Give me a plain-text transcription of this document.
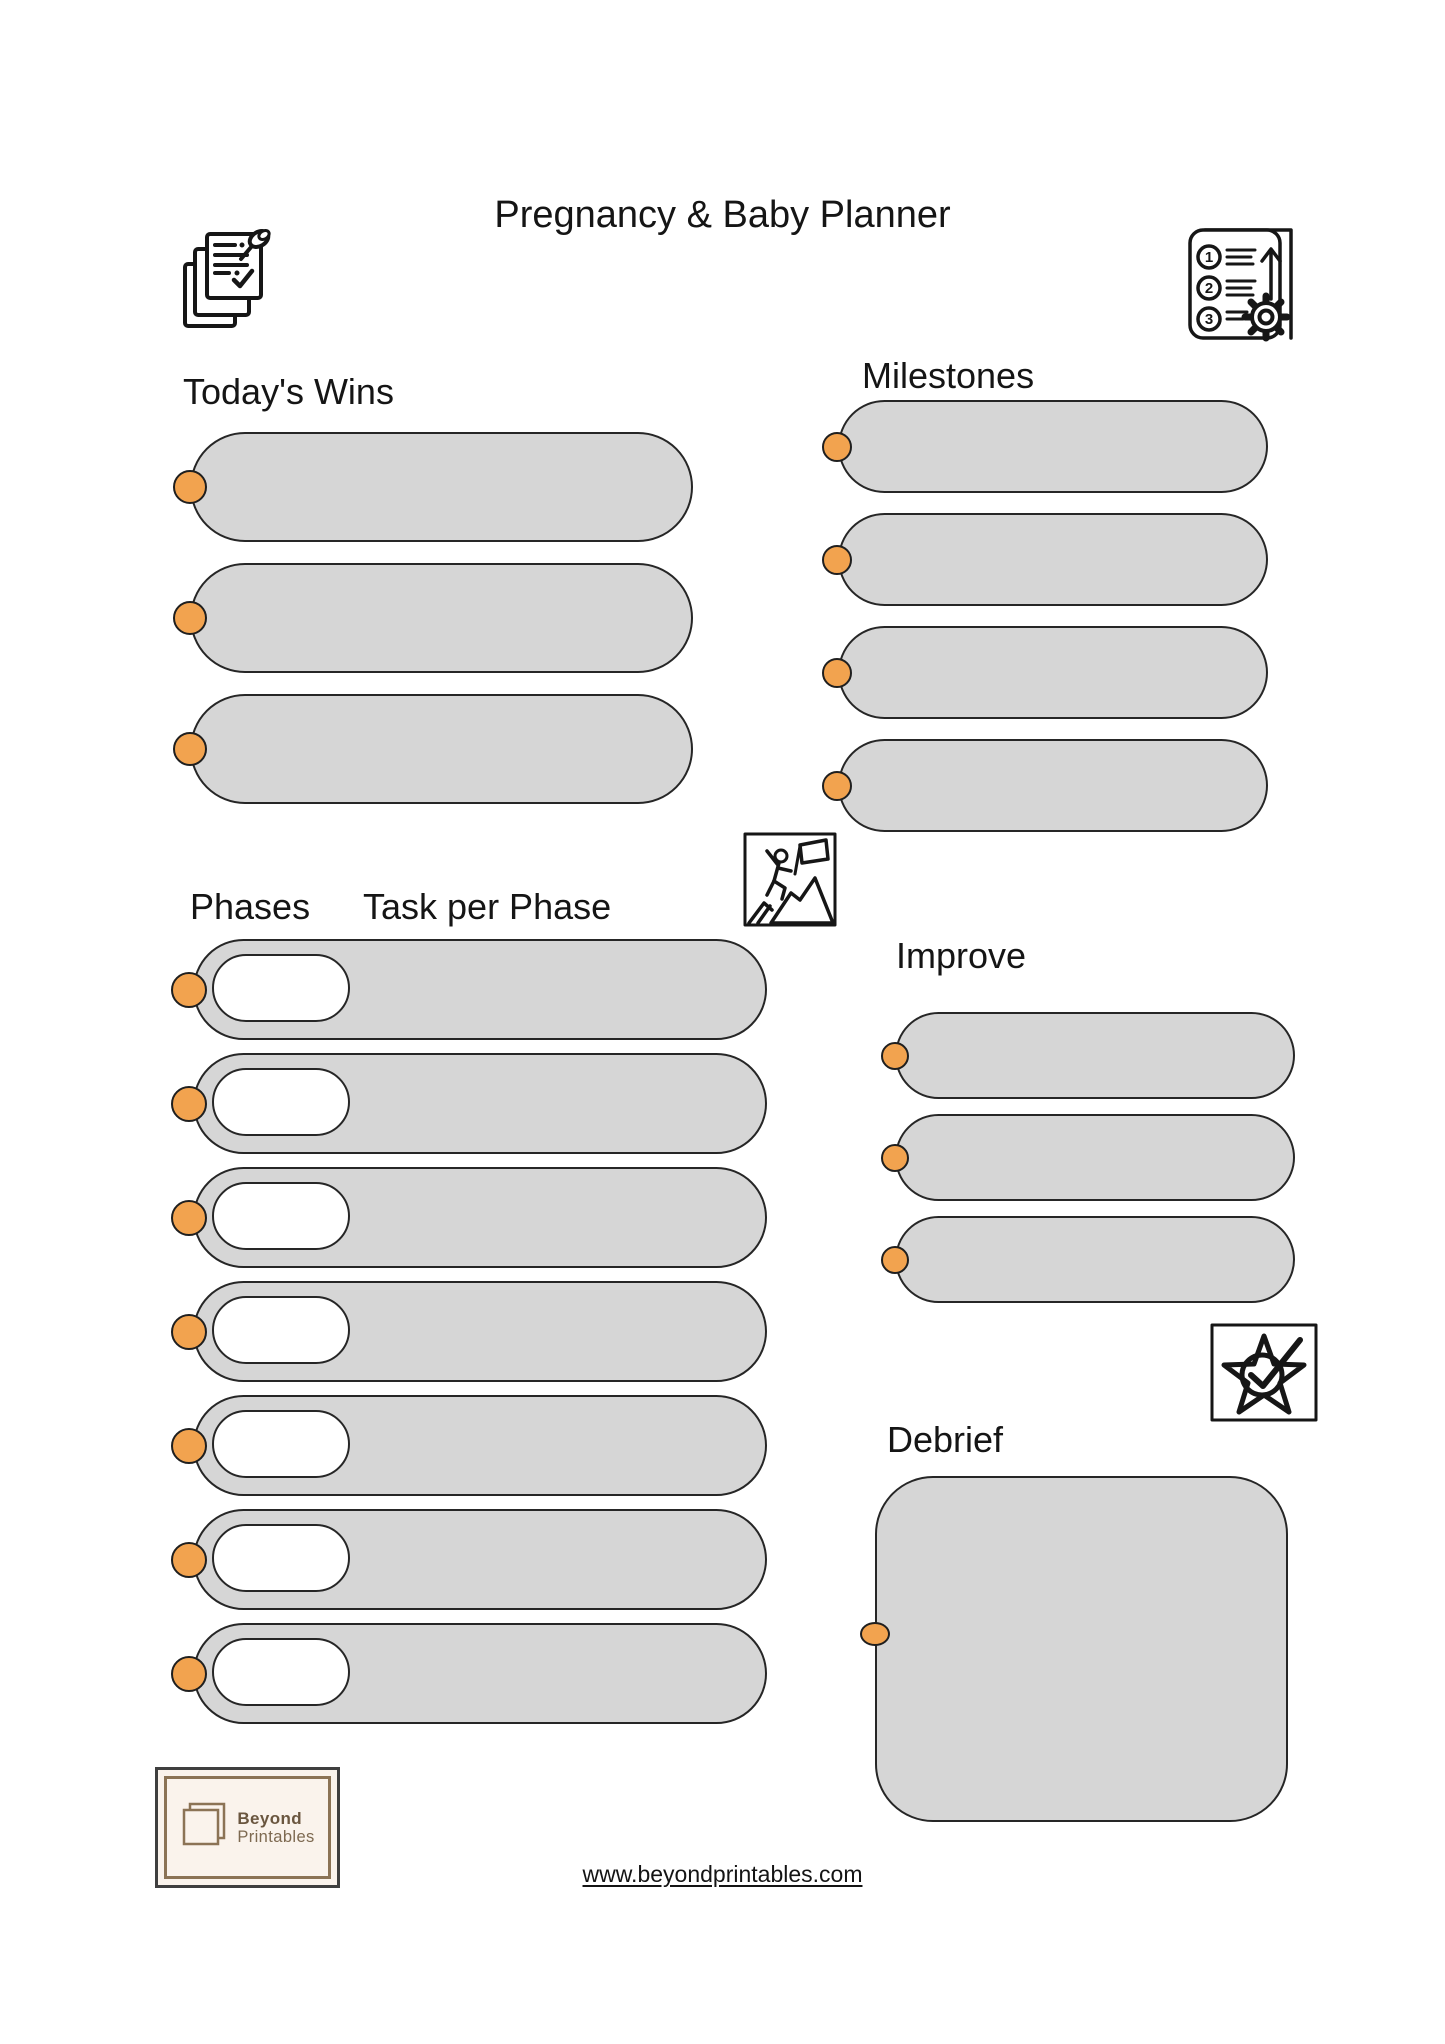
Pregnancy & Baby Planner
1
2
3
Today's Wins	Milestones
Phases Task per Phase
Improve
Debrief
Beyond
Printables
www.beyondprintables.com
